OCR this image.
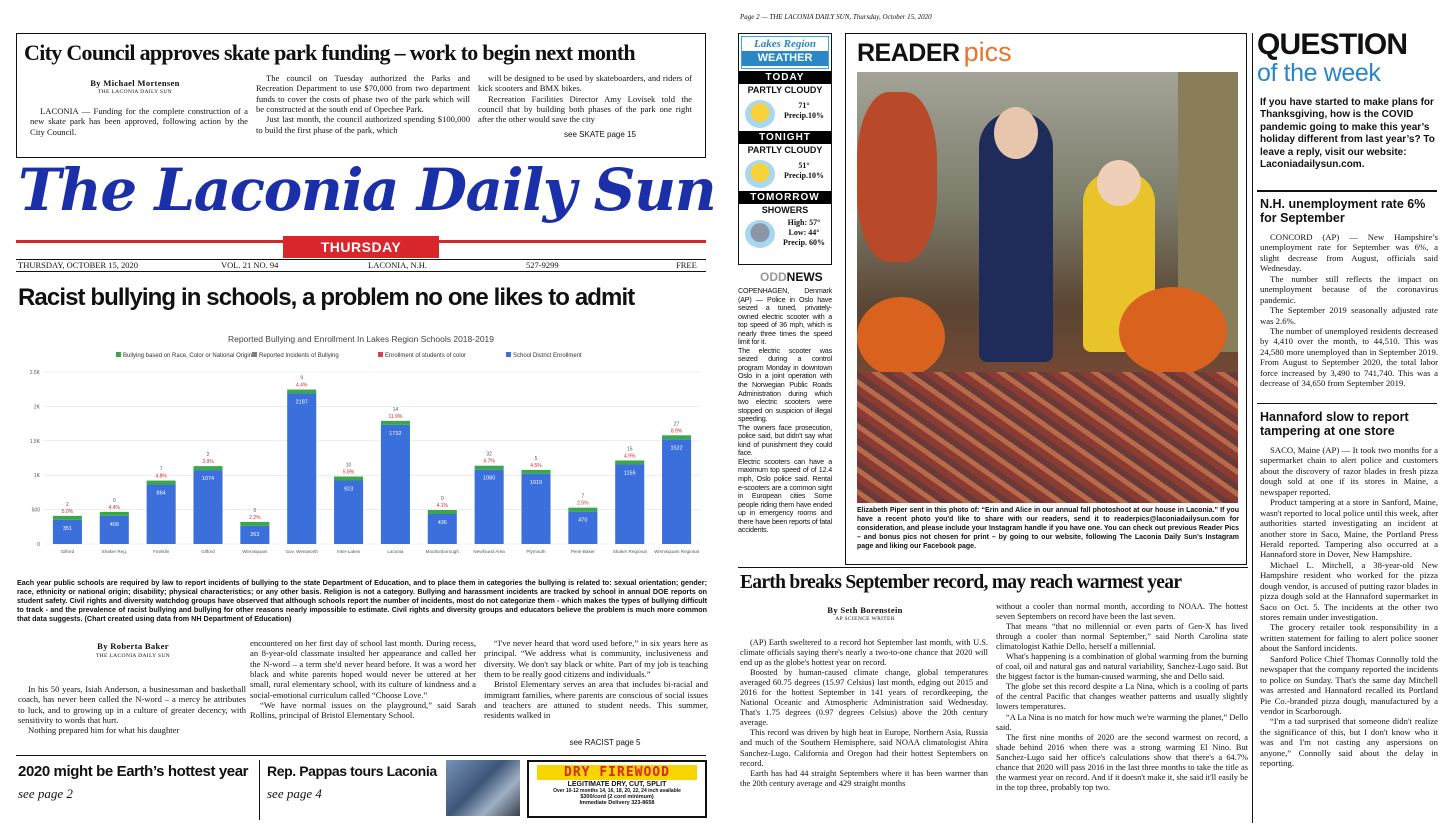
City Council approves skate park funding – work to begin next month
By Michael Mortensen
THE LACONIA DAILY SUN

LACONIA — Funding for the complete construction of a new skate park has been approved, following action by the City Council.

The council on Tuesday authorized the Parks and Recreation Department to use $70,000 from two department funds to cover the costs of phase two of the park which will be constructed at the south end of Opechee Park.

Just last month, the council authorized spending $100,000 to build the first phase of the park, which

will be designed to be used by skateboarders, and riders of kick scooters and BMX bikes.

Recreation Facilities Director Amy Lovisek told the council that by building both phases of the park one right after the other would save the city

see SKATE page 15
The Laconia Daily Sun
THURSDAY
THURSDAY, OCTOBER 15, 2020	VOL. 21 NO. 94	LACONIA, N.H.	527-9299	FREE
Racist bullying in schools, a problem no one likes to admit
Reported Bullying and Enrollment In Lakes Region Schools 2018-2019
Bullying based on Race, Color or National Origin Reported Incidents of Bullying	Enrollment of students of color	School District Enrollment
2.5K
2K
1.5K
1K
500
0
351
5.0%
2
Gilford
409
4.4%
0
Shaker Reg.
864
4.8%
7
Franklin
1074
3.9%
2
Gilford
263
2.2%
0
Winnisquam
2187
4.4%
9
Gov. Wentworth
923
5.8%
10
Inter-Lakes
1732
11.9%
14
Laconia
436
4.1%
0
Moultonborough
1080
6.7%
32
Newfound Area
1019
4.5%
5
Plymouth
470
2.5%
7
Pemi-Baker
1156
4.9%
15
Shaker Regional
1522
8.9%
27
Winnisquam Regional
Each year public schools are required by law to report incidents of bullying to the state Department of Education, and to place them in categories the bullying is related to: sexual orientation; gender; race, ethnicity or national origin; disability; physical characteristics; or any other basis. Religion is not a category. Bullying and harassment incidents are tracked by school in annual DOE reports on student safety. Civil rights and diversity watchdog groups have observed that although schools report the number of incidents, most do not categorize them - which makes the types of bullying difficult to track - and the prevalence of racist bullying and bullying for other reasons nearly impossible to estimate. Civil rights and diversity groups and educators believe the problem is much more common that data suggests. (Chart created using data from NH Department of Education)
By Roberta Baker
THE LACONIA DAILY SUN

In his 50 years, Isiah Anderson, a businessman and basketball coach, has never been called the N-word – a mercy he attributes to luck, and to growing up in a culture of greater decency, with sensitivity to words that hurt.

Nothing prepared him for what his daughter

encountered on her first day of school last month. During recess, an 8-year-old classmate insulted her appearance and called her the N-word – a term she'd never heard before. It was a word her black and white parents hoped would never be uttered at her small, rural elementary school, with its culture of kindness and a social-emotional curriculum called “Choose Love.”

“We have normal issues on the playground,” said Sarah Rollins, principal of Bristol Elementary School.

“I've never heard that word used before,” in six years here as principal. “We address what is community, inclusiveness and diversity. We don't say black or white. Part of my job is teaching them to be really good citizens and individuals.”

Bristol Elementary serves an area that includes bi-racial and immigrant families, where parents are conscious of social issues and teachers are attuned to student needs. This summer, residents walked in

see RACIST page 5
2020 might be Earth’s hottest year
see page 2
Rep. Pappas tours Laconia
see page 4
DRY FIREWOOD
LEGITIMATE DRY, CUT, SPLIT
Over 10-12 months 14, 16, 18, 20, 22, 24 inch available
$300/cord (2 cord minimum)
Immediate Delivery 323-8658
Page 2 — THE LACONIA DAILY SUN, Thursday, October 15, 2020
Lakes Region
WEATHER
TODAY
PARTLY CLOUDY
71°
Precip.10%
TONIGHT
PARTLY CLOUDY
51°
Precip.10%
TOMORROW
SHOWERS
High: 57°
Low: 44°
Precip. 60%
ODDNEWS

COPENHAGEN, Denmark (AP) — Police in Oslo have seized a tuned, privately-owned electric scooter with a top speed of 36 mph, which is nearly three times the speed limit for it.

The electric scooter was seized during a control program Monday in downtown Oslo in a joint operation with the Norwegian Public Roads Administration during which two electric scooters were stopped on suspicion of illegal speeding.

The owners face prosecution, police said, but didn't say what kind of punishment they could face.

Electric scooters can have a maximum top speed of of 12.4 mph, Oslo police said. Rental e-scooters are a common sight in European cities Some people riding them have ended up in emergency rooms and there have been reports of fatal accidents.

READER pics
Elizabeth Piper sent in this photo of: “Erin and Alice in our annual fall photoshoot at our house in Laconia.” If you have a recent photo you'd like to share with our readers, send it to readerpics@laconiadailysun.com for consideration, and please include your Instagram handle if you have one. You can check out previous Reader Pics – and bonus pics not chosen for print – by going to our website, following The Laconia Daily Sun’s Instagram page and liking our Facebook page.
QUESTION
of the week
If you have started to make plans for Thanksgiving, how is the COVID pandemic going to make this year’s holiday different from last year’s? To leave a reply, visit our website: Laconiadailysun.com.
N.H. unemployment rate 6% for September

CONCORD (AP) — New Hampshire’s unemployment rate for September was 6%, a slight decrease from August, officials said Wednesday.

The number still reflects the impact on unemployment because of the coronavirus pandemic.

The September 2019 seasonally adjusted rate was 2.6%.

The number of unemployed residents decreased by 4,410 over the month, to 44,510. This was 24,580 more unemployed than in September 2019. From August to September 2020, the total labor force increased by 3,490 to 741,740. This was a decrease of 34,650 from September 2019.

Hannaford slow to report tampering at one store

SACO, Maine (AP) — It took two months for a supermarket chain to alert police and customers about the discovery of razor blades in fresh pizza dough sold at one if its stores in Maine, a newspaper reported.

Product tampering at a store in Sanford, Maine, wasn't reported to local police until this week, after authorities started investigating an incident at another store in Saco, Maine, the Portland Press Herald reported. Tampering also occurred at a Hannaford store in Dover, New Hampshire.

Michael L. Mitchell, a 38-year-old New Hampshire resident who worked for the pizza dough vendor, is accused of putting razor blades in pizza dough sold at the Hannaford supermarket in Saco on Oct. 5. The incidents at the other two stores remain under investigation.

The grocery retailer took responsibility in a written statement for failing to alert police sooner about the Sanford incidents.

Sanford Police Chief Thomas Connolly told the newspaper that the company reported the incidents to police on Sunday. That's the same day Mitchell was arrested and Hannaford recalled its Portland Pie Co.-branded pizza dough, manufactured by a vendor in Scarborough.

“I'm a tad surprised that someone didn't realize the significance of this, but I don't know who it was and I'm not casting any aspersions on anyone,” Connolly said about the delay in reporting.

Earth breaks September record, may reach warmest year
By Seth Borenstein
AP SCIENCE WRITER

(AP) Earth sweltered to a record hot September last month, with U.S. climate officials saying there's nearly a two-to-one chance that 2020 will end up as the globe's hottest year on record.

Boosted by human-caused climate change, global temperatures averaged 60.75 degrees (15.97 Celsius) last month, edging out 2015 and 2016 for the hottest September in 141 years of recordkeeping, the National Oceanic and Atmospheric Administration said Wednesday. That's 1.75 degrees (0.97 degrees Celsius) above the 20th century average.

This record was driven by high heat in Europe, Northern Asia, Russia and much of the Southern Hemisphere, said NOAA climatologist Ahira Sanchez-Lugo. California and Oregon had their hottest Septembers on record.

Earth has had 44 straight Septembers where it has been warmer than the 20th century average and 429 straight months

without a cooler than normal month, according to NOAA. The hottest seven Septembers on record have been the last seven.

That means “that no millennial or even parts of Gen-X has lived through a cooler than normal September,” said North Carolina state climatologist Kathie Dello, herself a millennial.

What's happening is a combination of global warming from the burning of coal, oil and natural gas and natural variability, Sanchez-Lugo said. But the biggest factor is the human-caused warming, she and Dello said.

The globe set this record despite a La Nina, which is a cooling of parts of the central Pacific that changes weather patterns and usually slightly lowers temperatures.

“A La Nina is no match for how much we're warming the planet,” Dello said.

The first nine months of 2020 are the second warmest on record, a shade behind 2016 when there was a strong warming El Nino. But Sanchez-Lugo said her office's calculations show that there's a 64.7% chance that 2020 will pass 2016 in the last three months to take the title as the warmest year on record. And if it doesn't make it, she said it'll easily be in the top three, probably top two.
